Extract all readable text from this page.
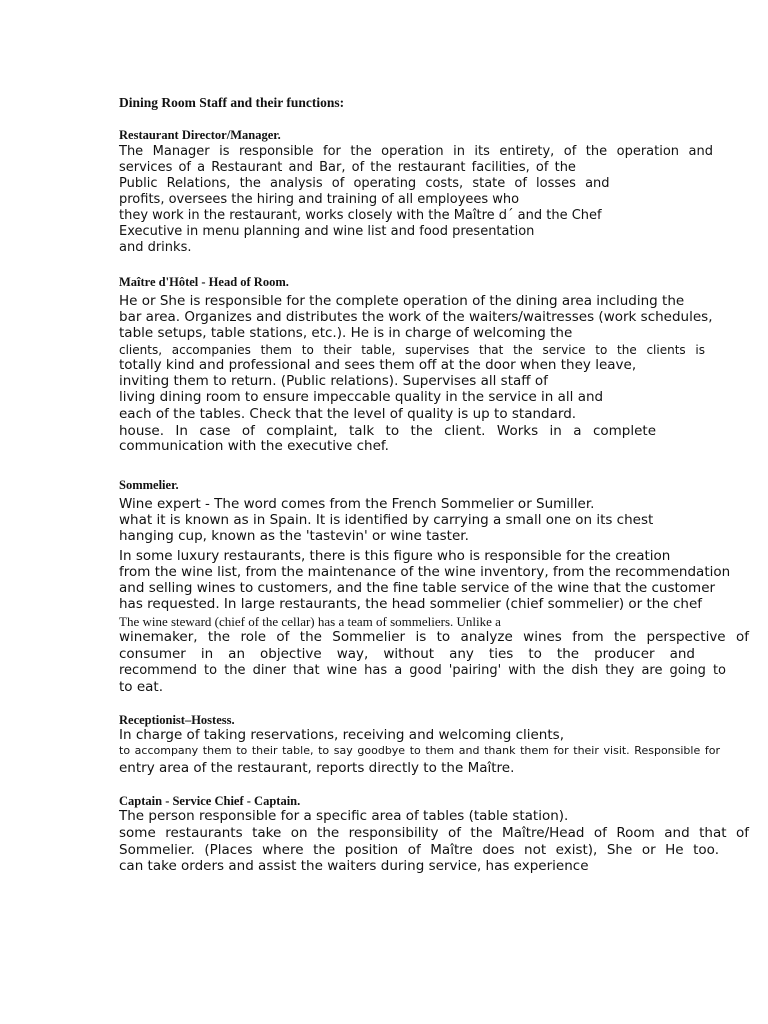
Dining Room Staff and their functions:
Restaurant Director/Manager.
The Manager is responsible for the operation in its entirety, of the operation and
services of a Restaurant and Bar, of the restaurant facilities, of the
Public Relations, the analysis of operating costs, state of losses and
profits, oversees the hiring and training of all employees who
they work in the restaurant, works closely with the Maître d´ and the Chef
Executive in menu planning and wine list and food presentation
and drinks.
Maître d'Hôtel - Head of Room.
He or She is responsible for the complete operation of the dining area including the
bar area. Organizes and distributes the work of the waiters/waitresses (work schedules,
table setups, table stations, etc.). He is in charge of welcoming the
clients, accompanies them to their table, supervises that the service to the clients is
totally kind and professional and sees them off at the door when they leave,
inviting them to return. (Public relations). Supervises all staff of
living dining room to ensure impeccable quality in the service in all and
each of the tables. Check that the level of quality is up to standard.
house. In case of complaint, talk to the client. Works in a complete
communication with the executive chef.
Sommelier.
Wine expert - The word comes from the French Sommelier or Sumiller.
what it is known as in Spain. It is identified by carrying a small one on its chest
hanging cup, known as the 'tastevin' or wine taster.
In some luxury restaurants, there is this figure who is responsible for the creation
from the wine list, from the maintenance of the wine inventory, from the recommendation
and selling wines to customers, and the fine table service of the wine that the customer
has requested. In large restaurants, the head sommelier (chief sommelier) or the chef
The wine steward (chief of the cellar) has a team of sommeliers. Unlike a
winemaker, the role of the Sommelier is to analyze wines from the perspective of
consumer in an objective way, without any ties to the producer and
recommend to the diner that wine has a good 'pairing' with the dish they are going to
to eat.
Receptionist–Hostess.
In charge of taking reservations, receiving and welcoming clients,
to accompany them to their table, to say goodbye to them and thank them for their visit. Responsible for
entry area of the restaurant, reports directly to the Maître.
Captain - Service Chief - Captain.
The person responsible for a specific area of tables (table station).
some restaurants take on the responsibility of the Maître/Head of Room and that of
Sommelier. (Places where the position of Maître does not exist), She or He too.
can take orders and assist the waiters during service, has experience
